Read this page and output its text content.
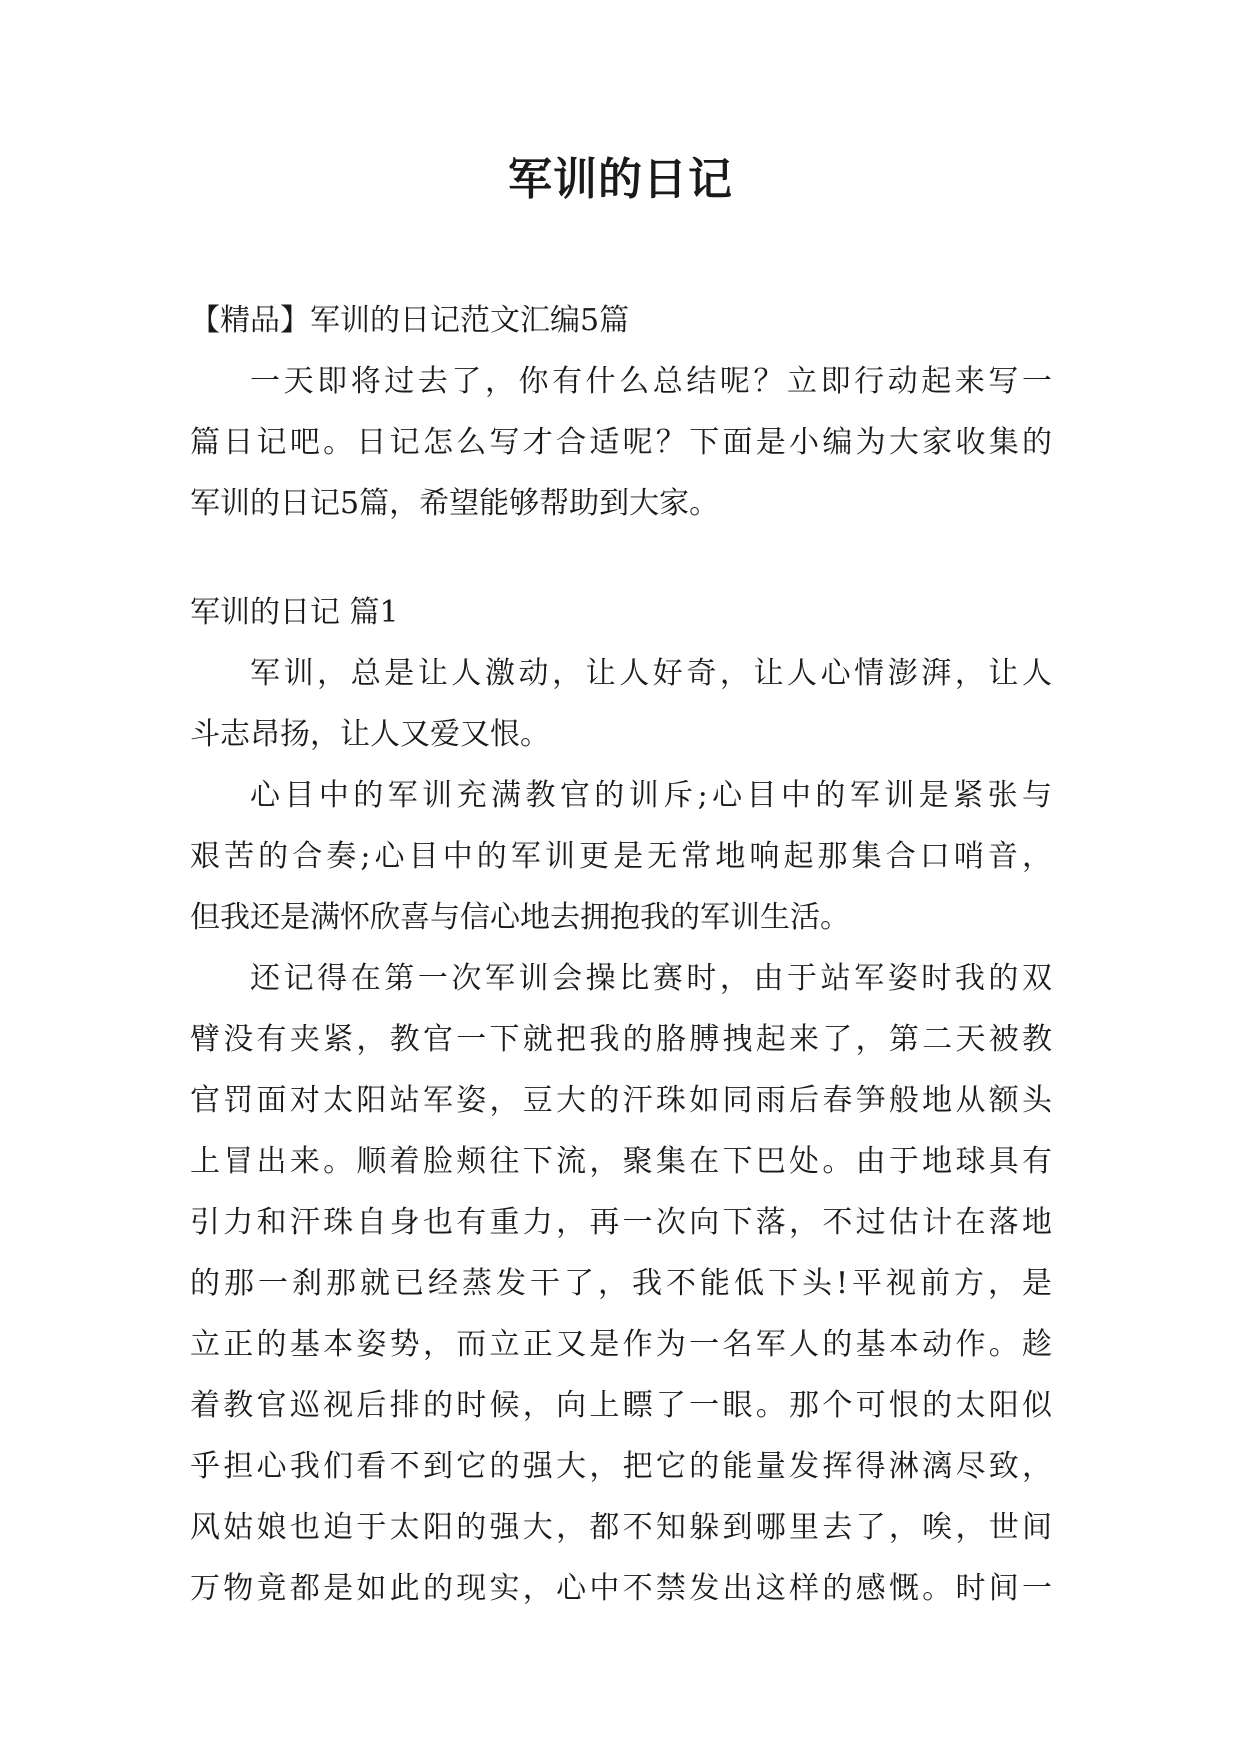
军训的日记
【精品】军训的日记范文汇编5篇
一天即将过去了，你有什么总结呢？立即行动起来写一
篇日记吧。日记怎么写才合适呢？下面是小编为大家收集的
军训的日记5篇，希望能够帮助到大家。
军训的日记 篇1
军训，总是让人激动，让人好奇，让人心情澎湃，让人
斗志昂扬，让人又爱又恨。
心目中的军训充满教官的训斥;心目中的军训是紧张与
艰苦的合奏;心目中的军训更是无常地响起那集合口哨音，
但我还是满怀欣喜与信心地去拥抱我的军训生活。
还记得在第一次军训会操比赛时，由于站军姿时我的双
臂没有夹紧，教官一下就把我的胳膊拽起来了，第二天被教
官罚面对太阳站军姿，豆大的汗珠如同雨后春笋般地从额头
上冒出来。顺着脸颊往下流，聚集在下巴处。由于地球具有
引力和汗珠自身也有重力，再一次向下落，不过估计在落地
的那一刹那就已经蒸发干了，我不能低下头!平视前方，是
立正的基本姿势，而立正又是作为一名军人的基本动作。趁
着教官巡视后排的时候，向上瞟了一眼。那个可恨的太阳似
乎担心我们看不到它的强大，把它的能量发挥得淋漓尽致，
风姑娘也迫于太阳的强大，都不知躲到哪里去了，唉，世间
万物竟都是如此的现实，心中不禁发出这样的感慨。时间一
